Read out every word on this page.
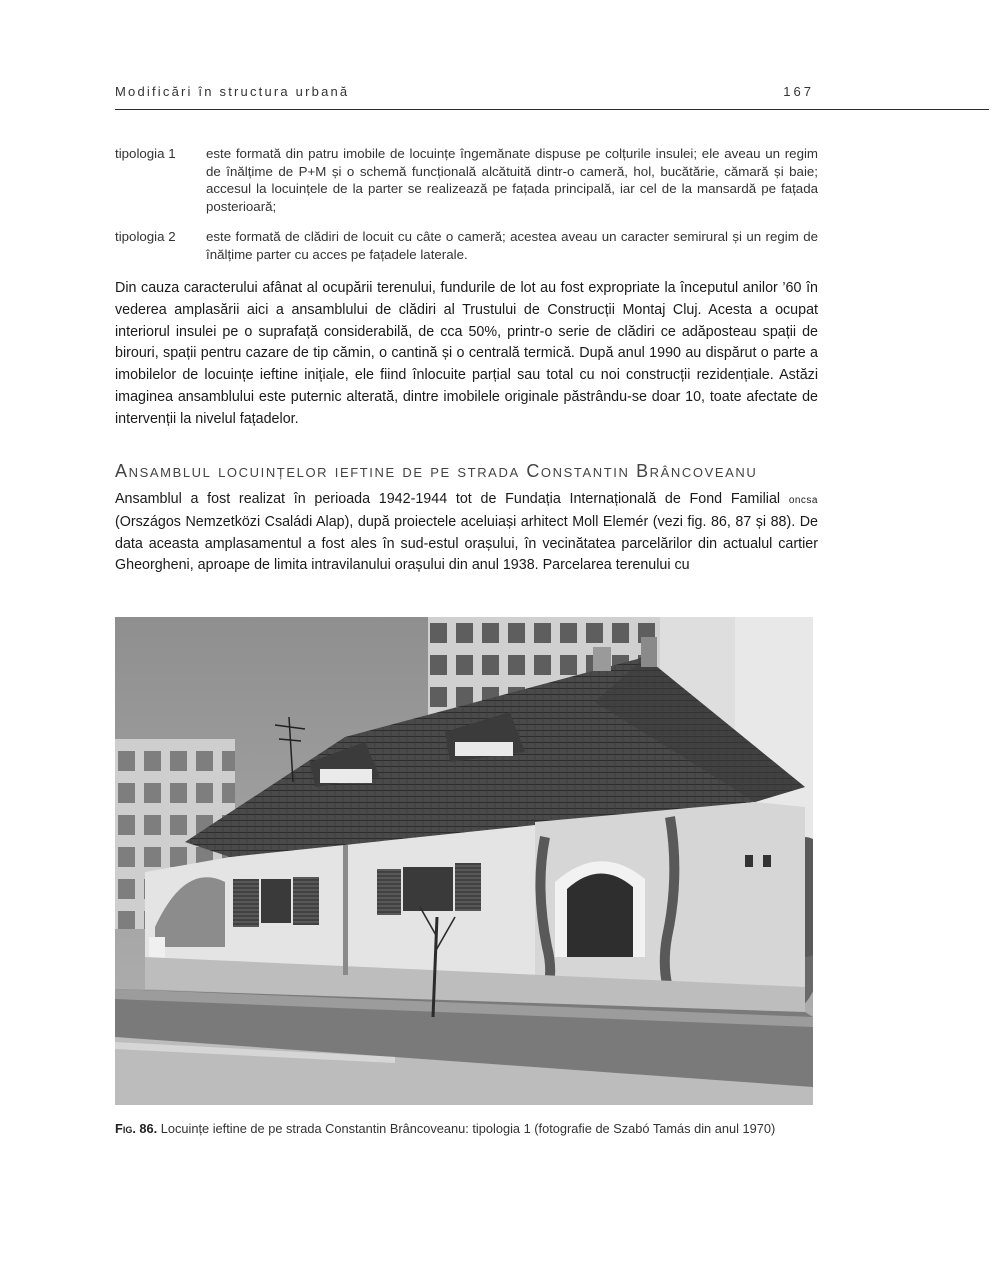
Modificări în structura urbană	167
tipologia 1	este formată din patru imobile de locuințe îngemănate dispuse pe colțurile insulei; ele aveau un regim de înălțime de P+M și o schemă funcțională alcătuită dintr-o cameră, hol, bucătărie, cămară și baie; accesul la locuințele de la parter se realizează pe fațada principală, iar cel de la mansardă pe fațada posterioară;
tipologia 2	este formată de clădiri de locuit cu câte o cameră; acestea aveau un caracter semirural și un regim de înălțime parter cu acces pe fațadele laterale.
Din cauza caracterului afânat al ocupării terenului, fundurile de lot au fost expropriate la începutul anilor ’60 în vederea amplasării aici a ansamblului de clădiri al Trustului de Construcții Montaj Cluj. Acesta a ocupat interiorul insulei pe o suprafață considerabilă, de cca 50%, printr-o serie de clădiri ce adăposteau spații de birouri, spații pentru cazare de tip cămin, o cantină și o centrală termică. După anul 1990 au dispărut o parte a imobilelor de locuințe ieftine inițiale, ele fiind înlocuite parțial sau total cu noi construcții rezidențiale. Astăzi imaginea ansamblului este puternic alterată, dintre imobilele originale păstrându-se doar 10, toate afectate de intervenții la nivelul fațadelor.
Ansamblul locuințelor ieftine de pe strada Constantin Brâncoveanu
Ansamblul a fost realizat în perioada 1942-1944 tot de Fundația Internațională de Fond Familial oncsa (Országos Nemzetközi Családi Alap), după proiectele aceluiași arhitect Moll Elemér (vezi fig. 86, 87 și 88). De data aceasta amplasamentul a fost ales în sud-estul orașului, în vecinătatea parcelărilor din actualul cartier Gheorgheni, aproape de limita intravilanului orașului din anul 1938. Parcelarea terenului cu
Fig. 86. Locuințe ieftine de pe strada Constantin Brâncoveanu: tipologia 1 (fotografie de Szabó Tamás din anul 1970)
